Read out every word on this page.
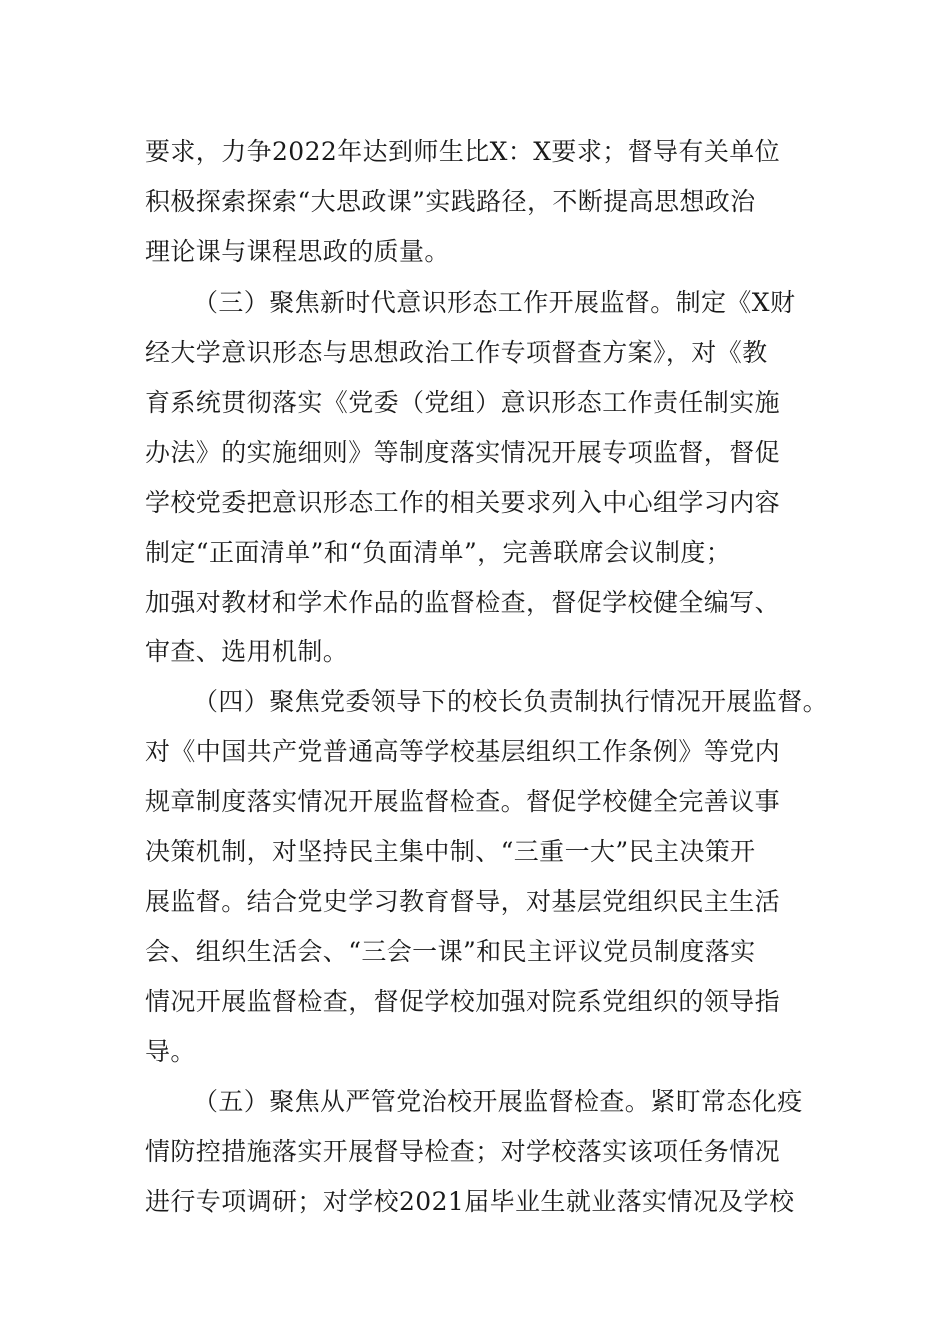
要求，力争2022年达到师生比X：X要求；督导有关单位
积极探索探索“大思政课”实践路径，不断提高思想政治
理论课与课程思政的质量。
（三）聚焦新时代意识形态工作开展监督。制定《X财
经大学意识形态与思想政治工作专项督查方案》，对《教
育系统贯彻落实《党委（党组）意识形态工作责任制实施
办法》的实施细则》等制度落实情况开展专项监督，督促
学校党委把意识形态工作的相关要求列入中心组学习内容
制定“正面清单”和“负面清单”，完善联席会议制度；
加强对教材和学术作品的监督检查，督促学校健全编写、
审查、选用机制。
（四）聚焦党委领导下的校长负责制执行情况开展监督。
对《中国共产党普通高等学校基层组织工作条例》等党内
规章制度落实情况开展监督检查。督促学校健全完善议事
决策机制，对坚持民主集中制、“三重一大”民主决策开
展监督。结合党史学习教育督导，对基层党组织民主生活
会、组织生活会、“三会一课”和民主评议党员制度落实
情况开展监督检查，督促学校加强对院系党组织的领导指
导。
（五）聚焦从严管党治校开展监督检查。紧盯常态化疫
情防控措施落实开展督导检查；对学校落实该项任务情况
进行专项调研；对学校2021届毕业生就业落实情况及学校
